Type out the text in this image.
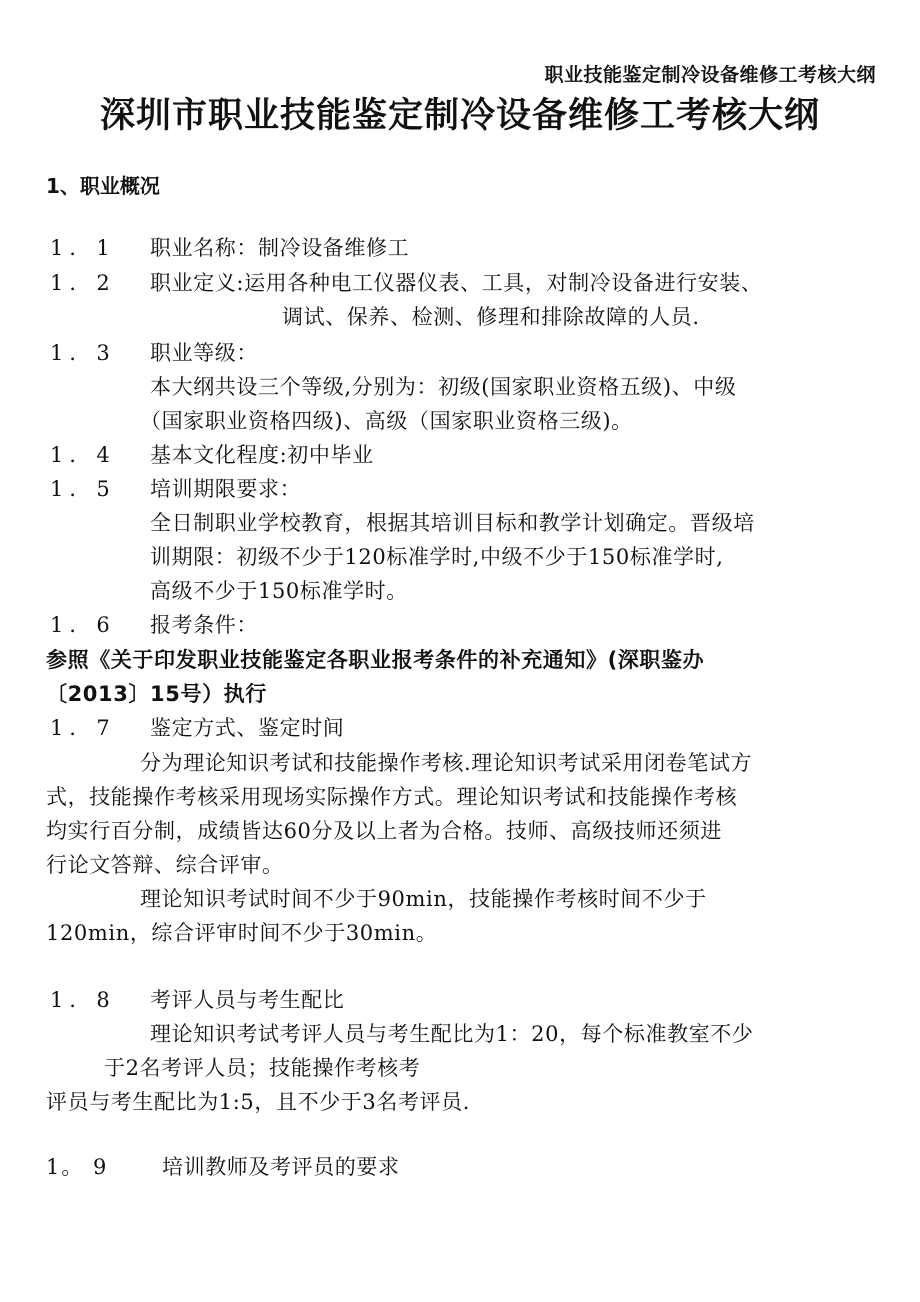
职业技能鉴定制冷设备维修工考核大纲
深圳市职业技能鉴定制冷设备维修工考核大纲
1、职业概况
1．1 职业名称：制冷设备维修工
1．2 职业定义:运用各种电工仪器仪表、工具，对制冷设备进行安装、
调试、保养、检测、修理和排除故障的人员.
1．3 职业等级：
本大纲共设三个等级,分别为：初级(国家职业资格五级)、中级
（国家职业资格四级)、高级（国家职业资格三级)。
1．4 基本文化程度:初中毕业
1．5 培训期限要求：
全日制职业学校教育，根据其培训目标和教学计划确定。晋级培
训期限：初级不少于120标准学时,中级不少于150标准学时,
高级不少于150标准学时。
1．6 报考条件：
参照《关于印发职业技能鉴定各职业报考条件的补充通知》(深职鉴办
〔2013〕15号）执行
1．7 鉴定方式、鉴定时间
分为理论知识考试和技能操作考核.理论知识考试采用闭卷笔试方
式，技能操作考核采用现场实际操作方式。理论知识考试和技能操作考核
均实行百分制，成绩皆达60分及以上者为合格。技师、高级技师还须进
行论文答辩、综合评审。
理论知识考试时间不少于90min，技能操作考核时间不少于
120min，综合评审时间不少于30min。
1．8 考评人员与考生配比
理论知识考试考评人员与考生配比为1：20，每个标准教室不少
于2名考评人员；技能操作考核考
评员与考生配比为1:5，且不少于3名考评员.
1。 9	培训教师及考评员的要求
